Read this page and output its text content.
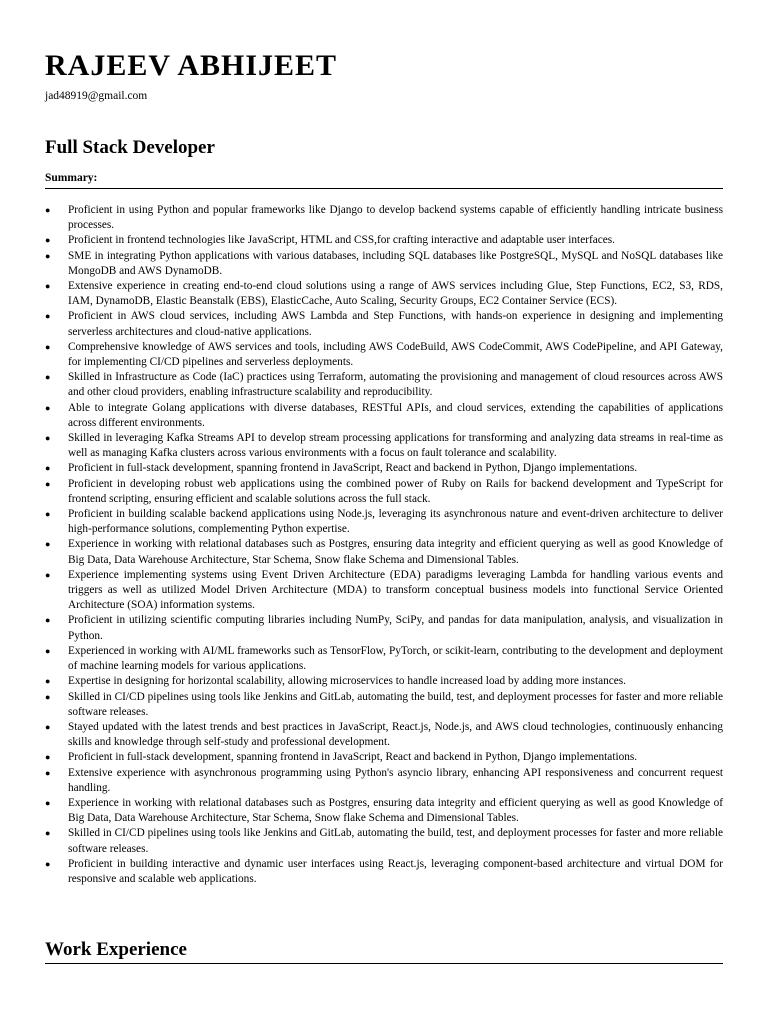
RAJEEV ABHIJEET
jad48919@gmail.com
Full Stack Developer
Summary:
● Proficient in using Python and popular frameworks like Django to develop backend systems capable of efficiently handling intricate business processes.
● Proficient in frontend technologies like JavaScript, HTML and CSS,for crafting interactive and adaptable user interfaces.
● SME in integrating Python applications with various databases, including SQL databases like PostgreSQL, MySQL and NoSQL databases like MongoDB and AWS DynamoDB.
● Extensive experience in creating end-to-end cloud solutions using a range of AWS services including Glue, Step Functions, EC2, S3, RDS, IAM, DynamoDB, Elastic Beanstalk (EBS), ElasticCache, Auto Scaling, Security Groups, EC2 Container Service (ECS).
● Proficient in AWS cloud services, including AWS Lambda and Step Functions, with hands-on experience in designing and implementing serverless architectures and cloud-native applications.
● Comprehensive knowledge of AWS services and tools, including AWS CodeBuild, AWS CodeCommit, AWS CodePipeline, and API Gateway, for implementing CI/CD pipelines and serverless deployments.
● Skilled in Infrastructure as Code (IaC) practices using Terraform, automating the provisioning and management of cloud resources across AWS and other cloud providers, enabling infrastructure scalability and reproducibility.
● Able to integrate Golang applications with diverse databases, RESTful APIs, and cloud services, extending the capabilities of applications across different environments.
● Skilled in leveraging Kafka Streams API to develop stream processing applications for transforming and analyzing data streams in real-time as well as managing Kafka clusters across various environments with a focus on fault tolerance and scalability.
● Proficient in full-stack development, spanning frontend in JavaScript, React and backend in Python, Django implementations.
● Proficient in developing robust web applications using the combined power of Ruby on Rails for backend development and TypeScript for frontend scripting, ensuring efficient and scalable solutions across the full stack.
● Proficient in building scalable backend applications using Node.js, leveraging its asynchronous nature and event-driven architecture to deliver high-performance solutions, complementing Python expertise.
● Experience in working with relational databases such as Postgres, ensuring data integrity and efficient querying as well as good Knowledge of Big Data, Data Warehouse Architecture, Star Schema, Snow flake Schema and Dimensional Tables.
● Experience implementing systems using Event Driven Architecture (EDA) paradigms leveraging Lambda for handling various events and triggers as well as utilized Model Driven Architecture (MDA) to transform conceptual business models into functional Service Oriented Architecture (SOA) information systems.
● Proficient in utilizing scientific computing libraries including NumPy, SciPy, and pandas for data manipulation, analysis, and visualization in Python.
● Experienced in working with AI/ML frameworks such as TensorFlow, PyTorch, or scikit-learn, contributing to the development and deployment of machine learning models for various applications.
● Expertise in designing for horizontal scalability, allowing microservices to handle increased load by adding more instances.
● Skilled in CI/CD pipelines using tools like Jenkins and GitLab, automating the build, test, and deployment processes for faster and more reliable software releases.
● Stayed updated with the latest trends and best practices in JavaScript, React.js, Node.js, and AWS cloud technologies, continuously enhancing skills and knowledge through self-study and professional development.
● Proficient in full-stack development, spanning frontend in JavaScript, React and backend in Python, Django implementations.
● Extensive experience with asynchronous programming using Python's asyncio library, enhancing API responsiveness and concurrent request handling.
● Experience in working with relational databases such as Postgres, ensuring data integrity and efficient querying as well as good Knowledge of Big Data, Data Warehouse Architecture, Star Schema, Snow flake Schema and Dimensional Tables.
● Skilled in CI/CD pipelines using tools like Jenkins and GitLab, automating the build, test, and deployment processes for faster and more reliable software releases.
● Proficient in building interactive and dynamic user interfaces using React.js, leveraging component-based architecture and virtual DOM for responsive and scalable web applications.
Work Experience
